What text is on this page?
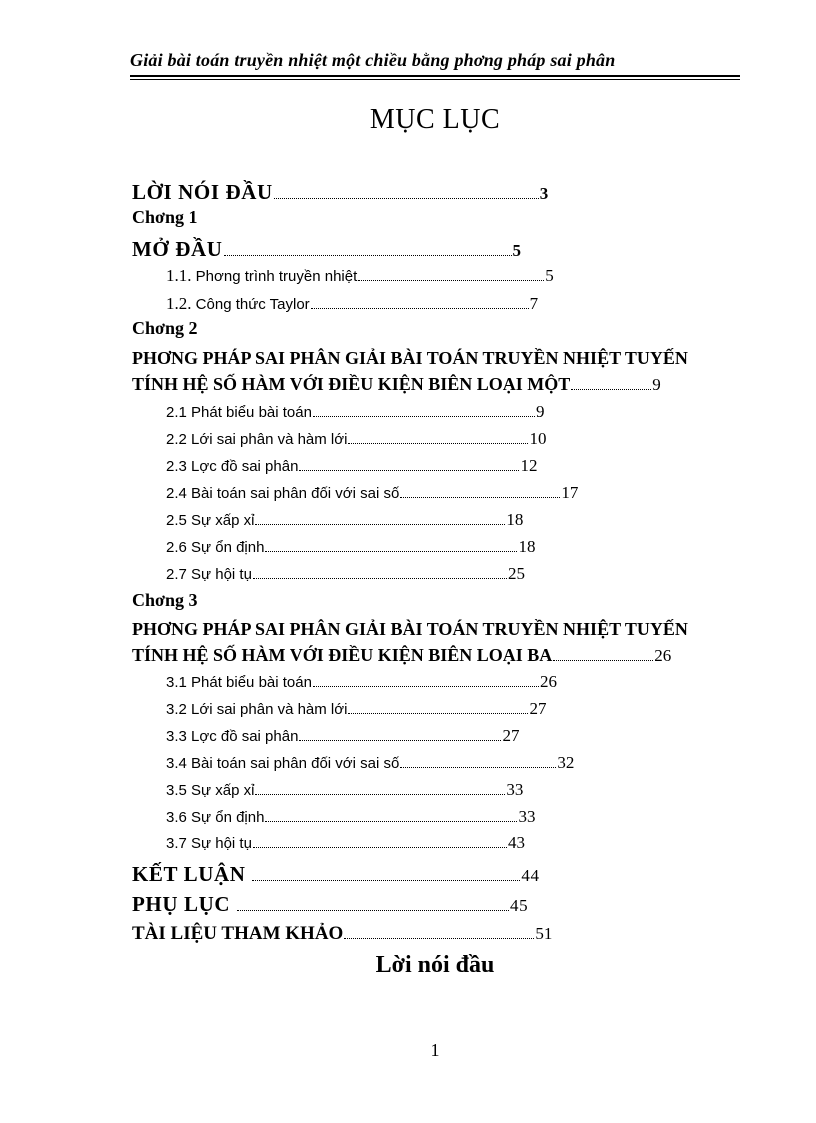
Giải bài toán truyền nhiệt một chiều bằng phơng pháp sai phân
MỤC LỤC
LỜI NÓI ĐẦU	3
Chơng 1
MỞ ĐẦU	5
1.1. Phơng trình truyền nhiệt	5
1.2. Công thức Taylor	7
Chơng 2
PHƠNG PHÁP SAI PHÂN GIẢI BÀI TOÁN TRUYỀN NHIỆT TUYẾN
TÍNH HỆ SỐ HÀM VỚI ĐIỀU KIỆN BIÊN LOẠI MỘT	9
2.1 Phát biểu bài toán	9
2.2 Lới sai phân và hàm lới	10
2.3 Lợc đồ sai phân	12
2.4 Bài toán sai phân đối với sai số	17
2.5 Sự xấp xỉ	18
2.6 Sự ổn định	18
2.7 Sự hội tụ	25
Chơng 3
PHƠNG PHÁP SAI PHÂN GIẢI BÀI TOÁN TRUYỀN NHIỆT TUYẾN
TÍNH HỆ SỐ HÀM VỚI ĐIỀU KIỆN BIÊN LOẠI BA	26
3.1 Phát biểu bài toán	26
3.2 Lới sai phân và hàm lới	27
3.3 Lợc đồ sai phân	27
3.4 Bài toán sai phân đối với sai số	32
3.5 Sự xấp xỉ	33
3.6 Sự ổn định	33
3.7 Sự hội tụ	43
KẾT LUẬN	44
PHỤ LỤC	45
TÀI LIỆU THAM KHẢO	51
Lời nói đầu
1
